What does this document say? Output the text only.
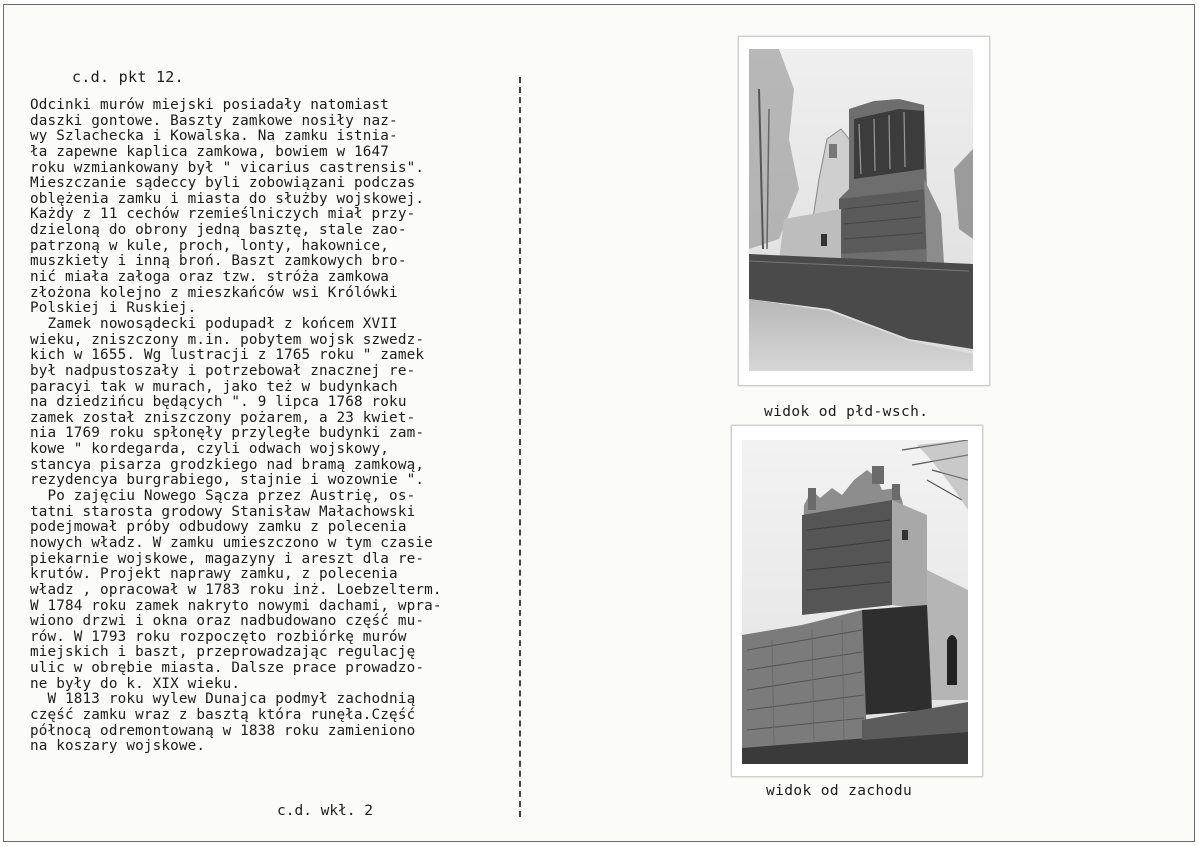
c.d. pkt 12.
Odcinki murów miejski posiadały natomiast
daszki gontowe. Baszty zamkowe nosiły naz-
wy Szlachecka i Kowalska. Na zamku istnia-
ła zapewne kaplica zamkowa, bowiem w 1647
roku wzmiankowany był " vicarius castrensis".
Mieszczanie sądeccy byli zobowiązani podczas
oblężenia zamku i miasta do służby wojskowej.
Każdy z 11 cechów rzemieślniczych miał przy-
dzieloną do obrony jedną basztę, stale zao-
patrzoną w kule, proch, lonty, hakownice,
muszkiety i inną broń. Baszt zamkowych bro-
nić miała załoga oraz tzw. stróża zamkowa
złożona kolejno z mieszkańców wsi Królówki
Polskiej i Ruskiej.
Zamek nowosądecki podupadł z końcem XVII
wieku, zniszczony m.in. pobytem wojsk szwedz-
kich w 1655. Wg lustracji z 1765 roku " zamek
był nadpustoszały i potrzebował znacznej re-
paracyi tak w murach, jako też w budynkach
na dziedzińcu będących ". 9 lipca 1768 roku
zamek został zniszczony pożarem, a 23 kwiet-
nia 1769 roku spłonęły przyległe budynki zam-
kowe " kordegarda, czyli odwach wojskowy,
stancya pisarza grodzkiego nad bramą zamkową,
rezydencya burgrabiego, stajnie i wozownie ".
Po zajęciu Nowego Sącza przez Austrię, os-
tatni starosta grodowy Stanisław Małachowski
podejmował próby odbudowy zamku z polecenia
nowych władz. W zamku umieszczono w tym czasie
piekarnie wojskowe, magazyny i areszt dla re-
krutów. Projekt naprawy zamku, z polecenia
władz , opracował w 1783 roku inż. Loebzelterm.
W 1784 roku zamek nakryto nowymi dachami, wpra-
wiono drzwi i okna oraz nadbudowano część mu-
rów. W 1793 roku rozpoczęto rozbiórkę murów
miejskich i baszt, przeprowadzając regulację
ulic w obrębie miasta. Dalsze prace prowadzo-
ne były do k. XIX wieku.
W 1813 roku wylew Dunajca podmył zachodnią
część zamku wraz z basztą która runęła.Część
północą odremontowaną w 1838 roku zamieniono
na koszary wojskowe.
c.d. wkł. 2
widok od płd-wsch.
widok od zachodu
